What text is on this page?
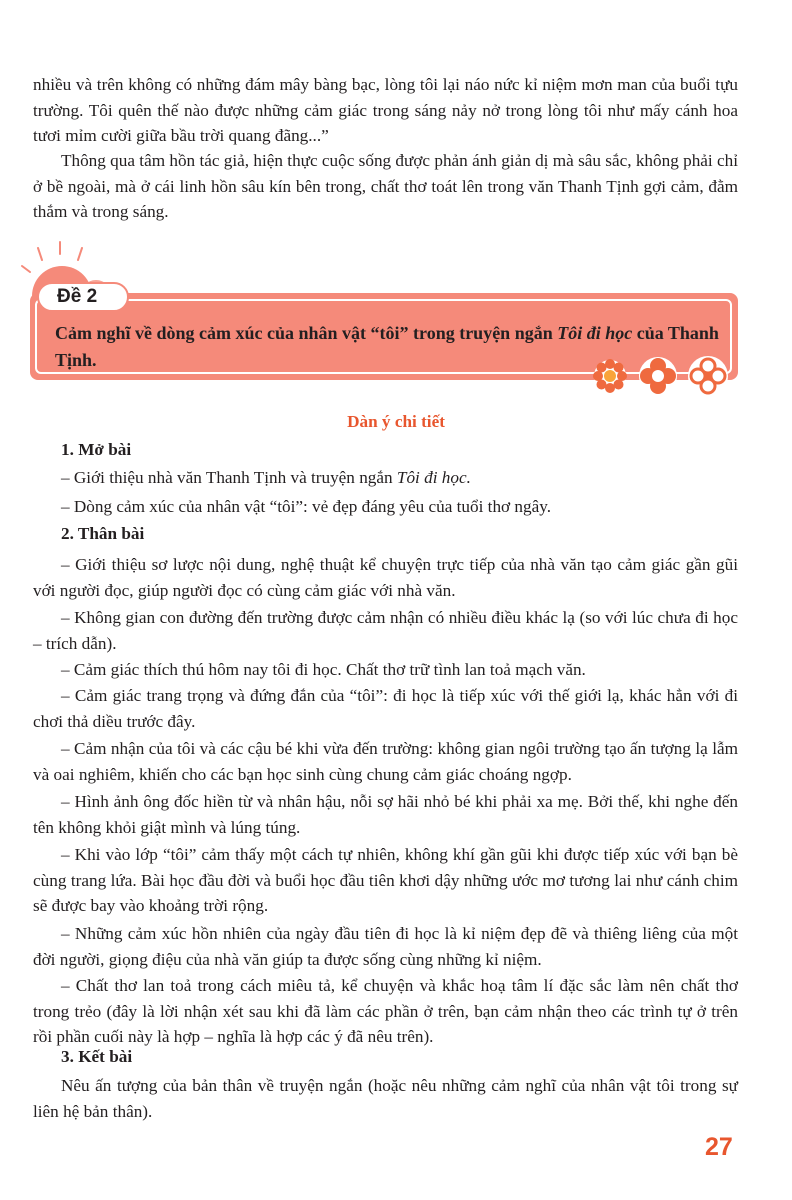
nhiều và trên không có những đám mây bàng bạc, lòng tôi lại náo nức kỉ niệm mơn man của buổi tựu trường. Tôi quên thế nào được những cảm giác trong sáng nảy nở trong lòng tôi như mấy cánh hoa tươi mỉm cười giữa bầu trời quang đãng...”

Thông qua tâm hồn tác giả, hiện thực cuộc sống được phản ánh giản dị mà sâu sắc, không phải chỉ ở bề ngoài, mà ở cái linh hồn sâu kín bên trong, chất thơ toát lên trong văn Thanh Tịnh gợi cảm, đằm thắm và trong sáng.

Đề 2

Cảm nghĩ về dòng cảm xúc của nhân vật “tôi” trong truyện ngắn Tôi đi học của Thanh Tịnh.

Dàn ý chi tiết

1. Mở bài

– Giới thiệu nhà văn Thanh Tịnh và truyện ngắn Tôi đi học.

– Dòng cảm xúc của nhân vật “tôi”: vẻ đẹp đáng yêu của tuổi thơ ngây.

2. Thân bài

– Giới thiệu sơ lược nội dung, nghệ thuật kể chuyện trực tiếp của nhà văn tạo cảm giác gần gũi với người đọc, giúp người đọc có cùng cảm giác với nhà văn.

– Không gian con đường đến trường được cảm nhận có nhiều điều khác lạ (so với lúc chưa đi học – trích dẫn).

– Cảm giác thích thú hôm nay tôi đi học. Chất thơ trữ tình lan toả mạch văn.

– Cảm giác trang trọng và đứng đắn của “tôi”: đi học là tiếp xúc với thế giới lạ, khác hẳn với đi chơi thả diều trước đây.

– Cảm nhận của tôi và các cậu bé khi vừa đến trường: không gian ngôi trường tạo ấn tượng lạ lẫm và oai nghiêm, khiến cho các bạn học sinh cùng chung cảm giác choáng ngợp.

– Hình ảnh ông đốc hiền từ và nhân hậu, nỗi sợ hãi nhỏ bé khi phải xa mẹ. Bởi thế, khi nghe đến tên không khỏi giật mình và lúng túng.

– Khi vào lớp “tôi” cảm thấy một cách tự nhiên, không khí gần gũi khi được tiếp xúc với bạn bè cùng trang lứa. Bài học đầu đời và buổi học đầu tiên khơi dậy những ước mơ tương lai như cánh chim sẽ được bay vào khoảng trời rộng.

– Những cảm xúc hồn nhiên của ngày đầu tiên đi học là kỉ niệm đẹp đẽ và thiêng liêng của một đời người, giọng điệu của nhà văn giúp ta được sống cùng những kỉ niệm.

– Chất thơ lan toả trong cách miêu tả, kể chuyện và khắc hoạ tâm lí đặc sắc làm nên chất thơ trong trẻo (đây là lời nhận xét sau khi đã làm các phần ở trên, bạn cảm nhận theo các trình tự ở trên rồi phần cuối này là hợp – nghĩa là hợp các ý đã nêu trên).

3. Kết bài

Nêu ấn tượng của bản thân về truyện ngắn (hoặc nêu những cảm nghĩ của nhân vật tôi trong sự liên hệ bản thân).

27
